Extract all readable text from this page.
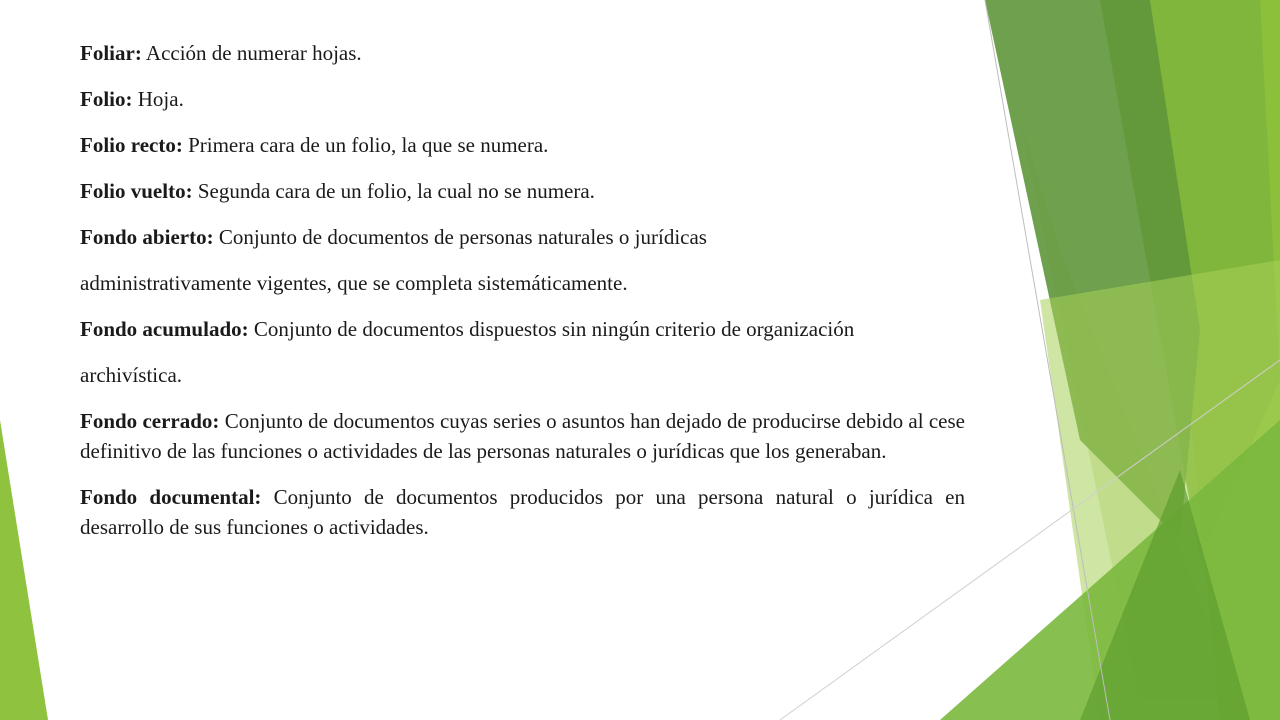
Foliar: Acción de numerar hojas.

Folio: Hoja.

Folio recto: Primera cara de un folio, la que se numera.

Folio vuelto: Segunda cara de un folio, la cual no se numera.

Fondo abierto: Conjunto de documentos de personas naturales o jurídicas

administrativamente vigentes, que se completa sistemáticamente.

Fondo acumulado: Conjunto de documentos dispuestos sin ningún criterio de organización

archivística.

Fondo cerrado: Conjunto de documentos cuyas series o asuntos han dejado de producirse debido al cese definitivo de las funciones o actividades de las personas naturales o jurídicas que los generaban.

Fondo documental: Conjunto de documentos producidos por una persona natural o jurídica en desarrollo de sus funciones o actividades.
